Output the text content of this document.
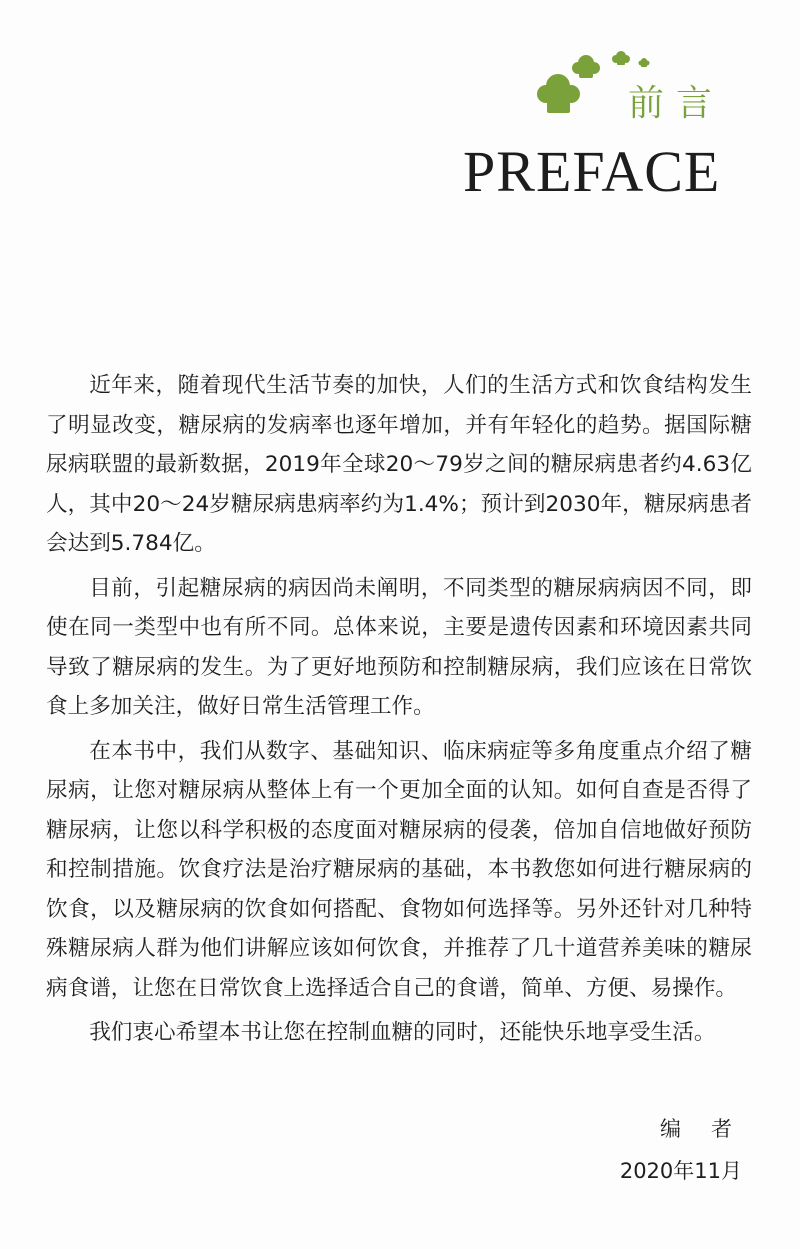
前言
PREFACE

近年来，随着现代生活节奏的加快，人们的生活方式和饮食结构发生了明显改变，糖尿病的发病率也逐年增加，并有年轻化的趋势。据国际糖尿病联盟的最新数据，2019年全球20～79岁之间的糖尿病患者约4.63亿人，其中20～24岁糖尿病患病率约为1.4%；预计到2030年，糖尿病患者会达到5.784亿。

目前，引起糖尿病的病因尚未阐明，不同类型的糖尿病病因不同，即使在同一类型中也有所不同。总体来说，主要是遗传因素和环境因素共同导致了糖尿病的发生。为了更好地预防和控制糖尿病，我们应该在日常饮食上多加关注，做好日常生活管理工作。

在本书中，我们从数字、基础知识、临床病症等多角度重点介绍了糖尿病，让您对糖尿病从整体上有一个更加全面的认知。如何自查是否得了糖尿病，让您以科学积极的态度面对糖尿病的侵袭，倍加自信地做好预防和控制措施。饮食疗法是治疗糖尿病的基础，本书教您如何进行糖尿病的饮食，以及糖尿病的饮食如何搭配、食物如何选择等。另外还针对几种特殊糖尿病人群为他们讲解应该如何饮食，并推荐了几十道营养美味的糖尿病食谱，让您在日常饮食上选择适合自己的食谱，简单、方便、易操作。

我们衷心希望本书让您在控制血糖的同时，还能快乐地享受生活。

编者
2020年11月
